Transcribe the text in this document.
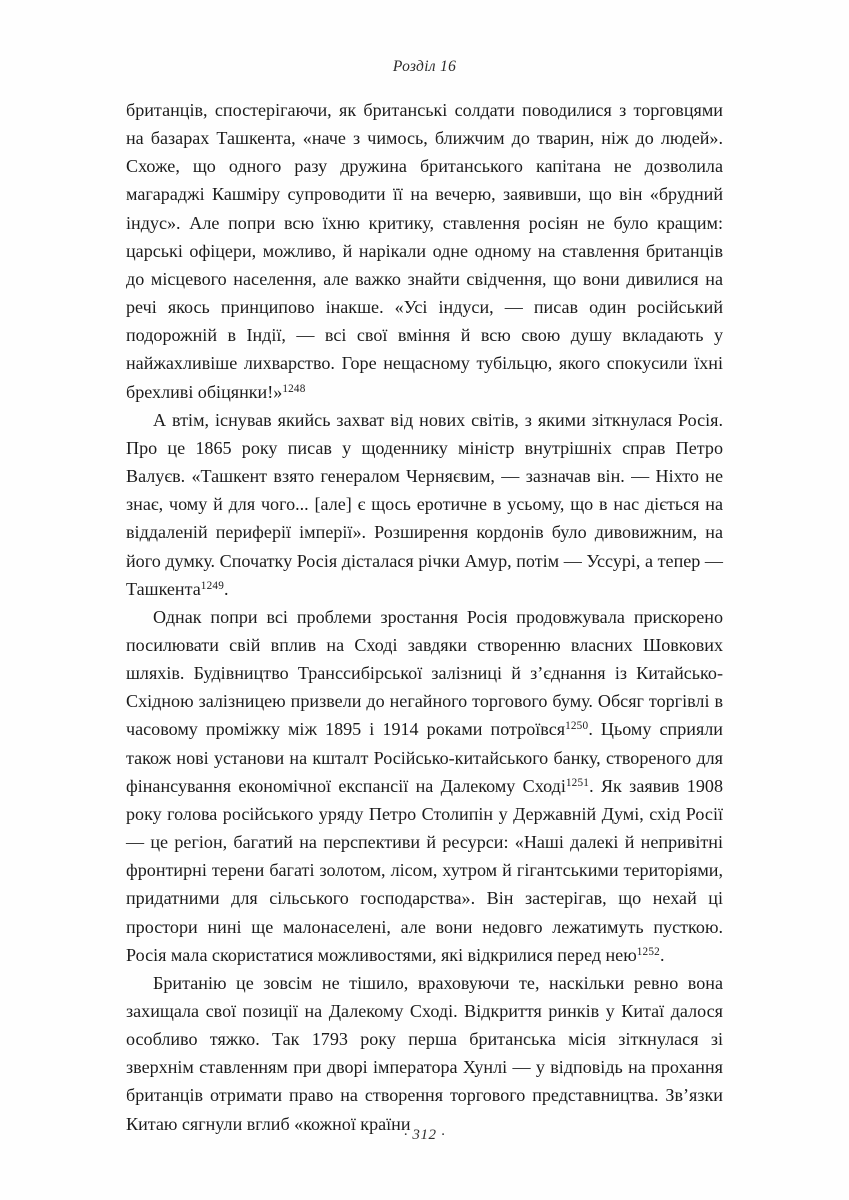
Розділ 16

британців, спостерігаючи, як британські солдати поводилися з торговцями на базарах Ташкента, «наче з чимось, ближчим до тварин, ніж до людей». Схоже, що одного разу дружина британського капітана не дозволила магараджі Кашміру супроводити її на вечерю, заявивши, що він «брудний індус». Але попри всю їхню критику, ставлення росіян не було кращим: царські офіцери, можливо, й нарікали одне одному на ставлення британців до місцевого населення, але важко знайти свідчення, що вони дивилися на речі якось принципово інакше. «Усі індуси, — писав один російський подорожній в Індії, — всі свої вміння й всю свою душу вкладають у найжахливіше лихварство. Горе нещасному тубільцю, якого спокусили їхні брехливі обіцянки!»$^{1248}$

А втім, існував якийсь захват від нових світів, з якими зіткнулася Росія. Про це 1865 року писав у щоденнику міністр внутрішніх справ Петро Валуєв. «Ташкент взято генералом Черняєвим, — зазначав він. — Ніхто не знає, чому й для чого... [але] є щось еротичне в усьому, що в нас діється на віддаленій периферії імперії». Розширення кордонів було дивовижним, на його думку. Спочатку Росія дісталася річки Амур, потім — Уссурі, а тепер — Ташкента$^{1249}$.

Однак попри всі проблеми зростання Росія продовжувала прискорено посилювати свій вплив на Сході завдяки створенню власних Шовкових шляхів. Будівництво Транссибірської залізниці й з’єднання із Китайсько-Східною залізницею призвели до негайного торгового буму. Обсяг торгівлі в часовому проміжку між 1895 і 1914 роками потроївся$^{1250}$. Цьому сприяли також нові установи на кшталт Російсько-китайського банку, створеного для фінансування економічної експансії на Далекому Сході$^{1251}$. Як заявив 1908 року голова російського уряду Петро Столипін у Державній Думі, схід Росії — це регіон, багатий на перспективи й ресурси: «Наші далекі й непривітні фронтирні терени багаті золотом, лісом, хутром й гігантськими територіями, придатними для сільського господарства». Він застерігав, що нехай ці простори нині ще малонаселені, але вони недовго лежатимуть пусткою. Росія мала скористатися можливостями, які відкрилися перед нею$^{1252}$.

Британію це зовсім не тішило, враховуючи те, наскільки ревно вона захищала свої позиції на Далекому Сході. Відкриття ринків у Китаї далося особливо тяжко. Так 1793 року перша британська місія зіткнулася зі зверхнім ставленням при дворі імператора Хунлі — у відповідь на прохання британців отримати право на створення торгового представництва. Зв’язки Китаю сягнули вглиб «кожної країни

· 312 ·
